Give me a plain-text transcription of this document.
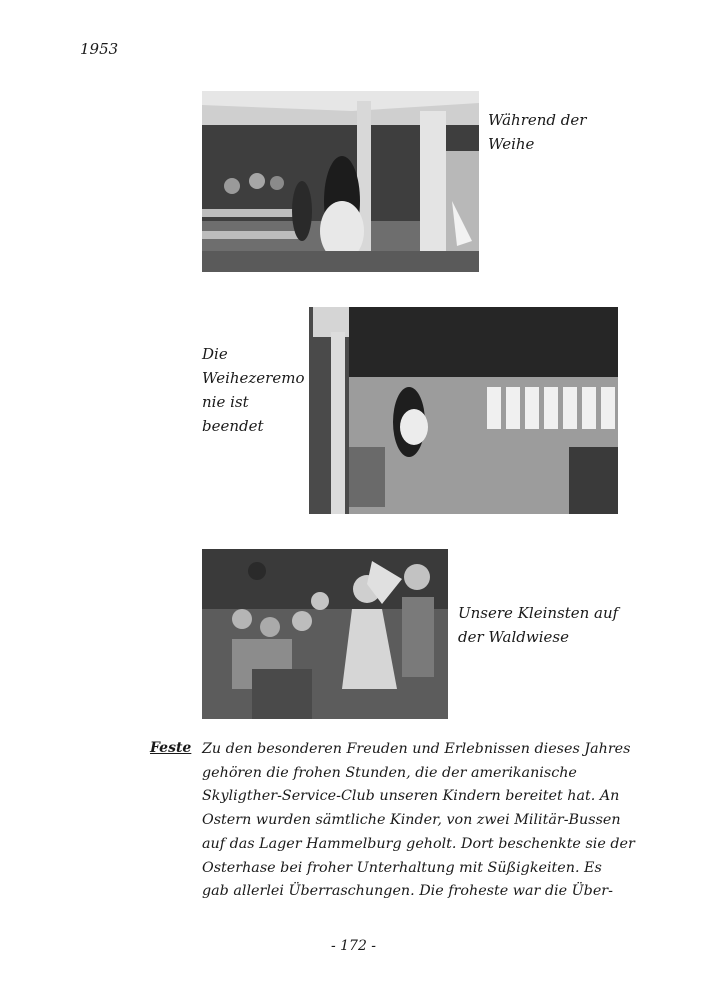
1953
Während der
Weihe
Die
Weihezeremo
nie ist
beendet
Unsere Kleinsten auf
der Waldwiese
Feste Zu den besonderen Freuden und Erlebnissen dieses Jahres
gehören die frohen Stunden, die der amerikanische
Skyligther-Service-Club unseren Kindern bereitet hat. An
Ostern wurden sämtliche Kinder, von zwei Militär-Bussen
auf das Lager Hammelburg geholt. Dort beschenkte sie der
Osterhase bei froher Unterhaltung mit Süßigkeiten. Es
gab allerlei Überraschungen. Die froheste war die Über-
- 172 -
